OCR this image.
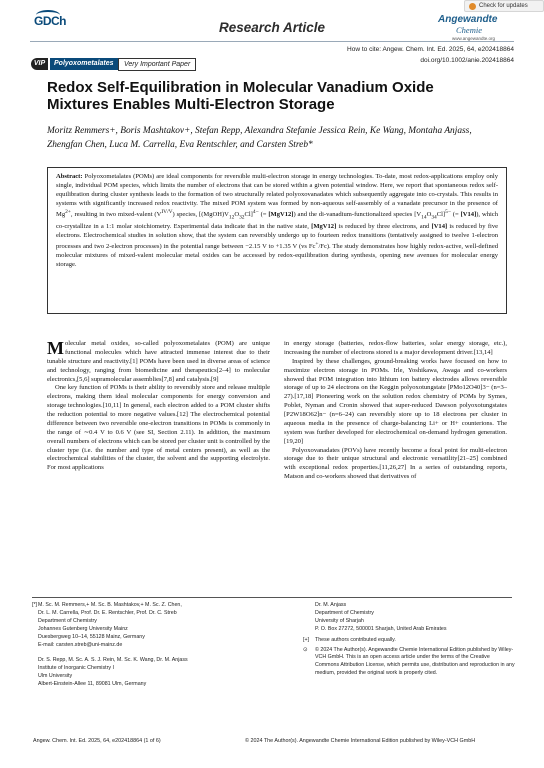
GDCh	Research Article
Check for updates
Angewandte
Chemie
www.angewandte.org
How to cite: Angew. Chem. Int. Ed. 2025, 64, e202418864
doi.org/10.1002/anie.202418864
VIP	Polyoxometalates	Very Important Paper
Redox Self-Equilibration in Molecular Vanadium Oxide Mixtures Enables Multi-Electron Storage
Moritz Remmers+, Boris Mashtakov+, Stefan Repp, Alexandra Stefanie Jessica Rein, Ke Wang, Montaha Anjass, Zhengfan Chen, Luca M. Carrella, Eva Rentschler, and Carsten Streb*
Abstract: Polyoxometalates (POMs) are ideal components for reversible multi-electron storage in energy technologies. To-date, most redox-applications employ only single, individual POM species, which limits the number of electrons that can be stored within a given potential window. Here, we report that spontaneous redox self-equilibration during cluster synthesis leads to the formation of two structurally related polyoxovanadates which subsequently aggregate into co-crystals. This results in systems with significantly increased redox reactivity. The mixed POM system was formed by non-aqueous self-assembly of a vanadate precursor in the presence of $Mg^{2+}$, resulting in two mixed-valent $(V^{IV/V})$ species, $[(MgOH)V_{12}O_{32}Cl]^{4-}$ (= [MgV12]) and the di-vanadium-functionalized species $[V_{14}O_{34}Cl]^{5-}$ (= [V14]), which co-crystallize in a 1:1 molar stoichiometry. Experimental data indicate that in the native state, [MgV12] is reduced by three electrons, and [V14] is reduced by five electrons. Electrochemical studies in solution show, that the system can reversibly undergo up to fourteen redox transitions (tentatively assigned to twelve 1-electron processes and two 2-electron processes) in the potential range between −2.15 V to +1.35 V (vs Fc+/Fc). The study demonstrates how highly redox-active, well-defined molecular mixtures of mixed-valent molecular metal oxides can be accessed by redox-equilibration during synthesis, opening new avenues for molecular energy storage.

Molecular metal oxides, so-called polyoxometalates (POM) are unique functional molecules which have attracted immense interest due to their tunable structure and reactivity.[1] POMs have been used in diverse areas of science and technology, ranging from biomedicine and therapeutics[2–4] to molecular electronics,[5,6] supramolecular assemblies[7,8] and catalysis.[9]

One key function of POMs is their ability to reversibly store and release multiple electrons, making them ideal molecular components for energy conversion and storage technologies.[10,11] In general, each electron added to a POM cluster shifts the reduction potential to more negative values.[12] The electrochemical potential difference between two reversible one-electron transitions in POMs is commonly in the range of ∼0.4 V to 0.6 V (see SI, Section 2.11). In addition, the maximum overall numbers of electrons which can be stored per cluster unit is controlled by the cluster type (i.e. the number and type of metal centers present), as well as the electrochemical stabilities of the cluster, the solvent and the supporting electrolyte. For most applications

in energy storage (batteries, redox-flow batteries, solar energy storage, etc.), increasing the number of electrons stored is a major development driver.[13,14]

Inspired by these challenges, ground-breaking works have focused on how to maximize electron storage in POMs. Irle, Yoshikawa, Awaga and co-workers showed that POM integration into lithium ion battery electrodes allows reversible storage of up to 24 electrons on the Keggin polyoxotungstate [PMo12O40]3− (n=3–27).[17,18] Pioneering work on the solution redox chemistry of POMs by Symes, Poblet, Nyman and Cronin showed that super-reduced Dawson polyoxotungstates [P2W18O62]n− (n=6–24) can reversibly store up to 18 electrons per cluster in aqueous media in the presence of charge-balancing Li+ or H+ counterions. The system was further developed for electrochemical on-demand hydrogen generation.[19,20]

Polyoxovanadates (POVs) have recently become a focal point for multi-electron storage due to their unique structural and electronic versatility[21–25] combined with exceptional redox properties.[11,26,27] In a series of outstanding reports, Matson and co-workers showed that derivatives of

[*] M. Sc. M. Remmers,+ M. Sc. B. Mashtakov,+ M. Sc. Z. Chen,
Dr. L. M. Carrella, Prof. Dr. E. Rentschler, Prof. Dr. C. Streb
Department of Chemistry
Johannes Gutenberg University Mainz
Duesbergweg 10–14, 55128 Mainz, Germany
E-mail: carsten.streb@uni-mainz.de
Dr. S. Repp, M. Sc. A. S. J. Rein, M. Sc. K. Wang, Dr. M. Anjass
Institute of Inorganic Chemistry I
Ulm University
Albert-Einstein-Allee 11, 89081 Ulm, Germany
Dr. M. Anjass
Department of Chemistry
University of Sharjah
P. O. Box 27272, 500001 Sharjah, United Arab Emirates
[+] These authors contributed equally.
⊙ © 2024 The Author(s). Angewandte Chemie International Edition published by Wiley-VCH GmbH. This is an open access article under the terms of the Creative Commons Attribution License, which permits use, distribution and reproduction in any medium, provided the original work is properly cited.
Angew. Chem. Int. Ed. 2025, 64, e202418864 (1 of 6)	© 2024 The Author(s). Angewandte Chemie International Edition published by Wiley-VCH GmbH
